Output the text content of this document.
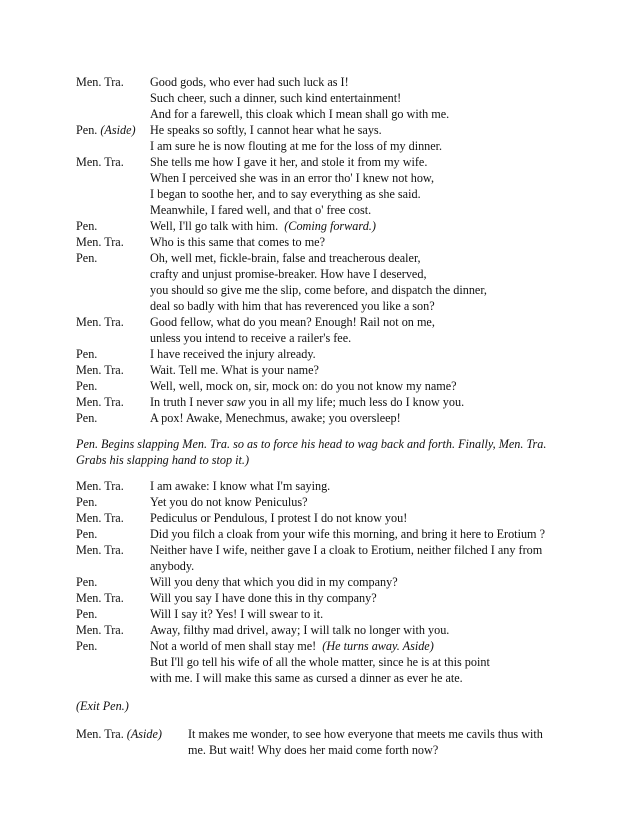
Men. Tra. Good gods, who ever had such luck as I!
Such cheer, such a dinner, such kind entertainment!
And for a farewell, this cloak which I mean shall go with me.
Pen. (Aside) He speaks so softly, I cannot hear what he says.
I am sure he is now flouting at me for the loss of my dinner.
Men. Tra. She tells me how I gave it her, and stole it from my wife.
When I perceived she was in an error tho' I knew not how,
I began to soothe her, and to say everything as she said.
Meanwhile, I fared well, and that o' free cost.
Pen.	Well, I'll go talk with him. (Coming forward.)
Men. Tra. Who is this same that comes to me?
Pen.	Oh, well met, fickle-brain, false and treacherous dealer,
crafty and unjust promise-breaker. How have I deserved,
you should so give me the slip, come before, and dispatch the dinner,
deal so badly with him that has reverenced you like a son?
Men. Tra. Good fellow, what do you mean? Enough! Rail not on me,
unless you intend to receive a railer's fee.
Pen.	I have received the injury already.
Men. Tra. Wait. Tell me. What is your name?
Pen.	Well, well, mock on, sir, mock on: do you not know my name?
Men. Tra. In truth I never saw you in all my life; much less do I know you.
Pen.	A pox! Awake, Menechmus, awake; you oversleep!
Pen. Begins slapping Men. Tra. so as to force his head to wag back and forth. Finally, Men. Tra.
Grabs his slapping hand to stop it.)
Men. Tra. I am awake: I know what I'm saying.
Pen.	Yet you do not know Peniculus?
Men. Tra. Pediculus or Pendulous, I protest I do not know you!
Pen.	Did you filch a cloak from your wife this morning, and bring it here to Erotium ?
Men. Tra. Neither have I wife, neither gave I a cloak to Erotium, neither filched I any from
anybody.
Pen.	Will you deny that which you did in my company?
Men. Tra. Will you say I have done this in thy company?
Pen.	Will I say it? Yes! I will swear to it.
Men. Tra. Away, filthy mad drivel, away; I will talk no longer with you.
Pen.	Not a world of men shall stay me! (He turns away. Aside)
But I'll go tell his wife of all the whole matter, since he is at this point
with me. I will make this same as cursed a dinner as ever he ate.
(Exit Pen.)
Men. Tra. (Aside) It makes me wonder, to see how everyone that meets me cavils thus with
me. But wait! Why does her maid come forth now?
